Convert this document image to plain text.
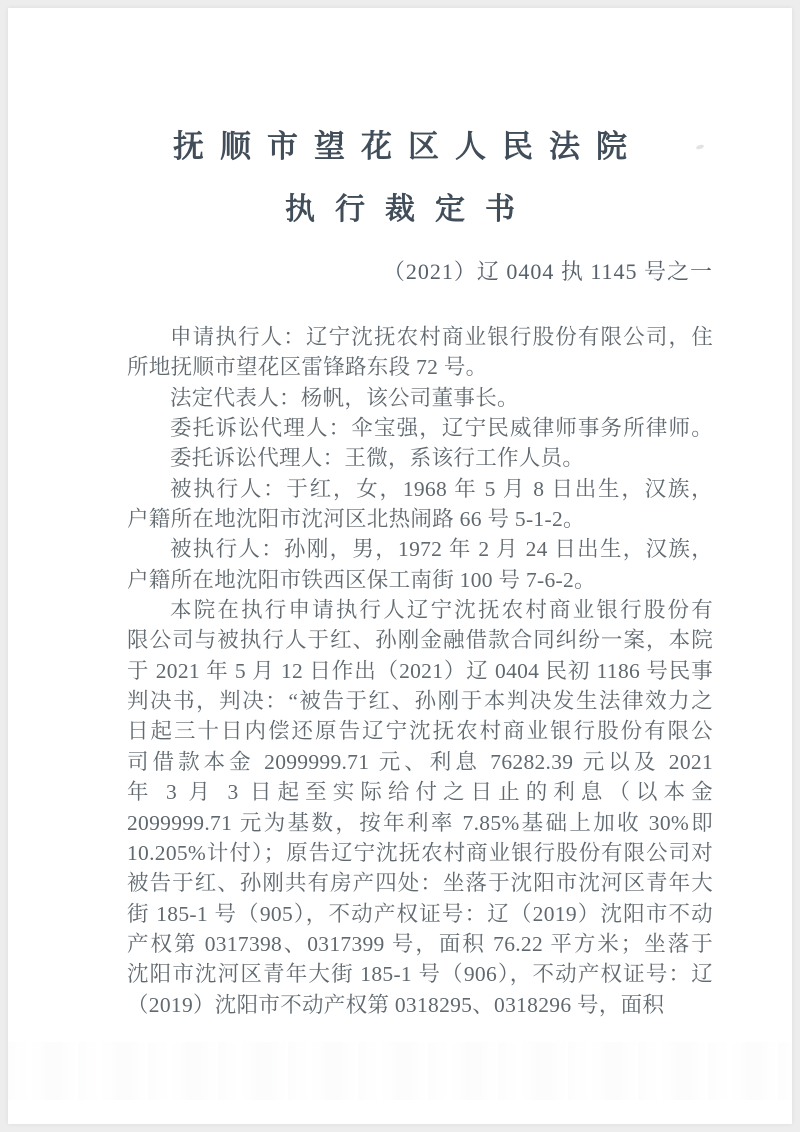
抚顺市望花区人民法院
执行裁定书
（2021）辽 0404 执 1145 号之一
申请执行人：辽宁沈抚农村商业银行股份有限公司，住
所地抚顺市望花区雷锋路东段 72 号。
法定代表人：杨帆，该公司董事长。
委托诉讼代理人：伞宝强，辽宁民威律师事务所律师。
委托诉讼代理人：王微，系该行工作人员。
被执行人：于红，女，1968 年 5 月 8 日出生，汉族，
户籍所在地沈阳市沈河区北热闹路 66 号 5-1-2。
被执行人：孙刚，男，1972 年 2 月 24 日出生，汉族，
户籍所在地沈阳市铁西区保工南街 100 号 7-6-2。
本院在执行申请执行人辽宁沈抚农村商业银行股份有
限公司与被执行人于红、孙刚金融借款合同纠纷一案，本院
于 2021 年 5 月 12 日作出（2021）辽 0404 民初 1186 号民事
判决书，判决：“被告于红、孙刚于本判决发生法律效力之
日起三十日内偿还原告辽宁沈抚农村商业银行股份有限公
司借款本金 2099999.71 元、利息 76282.39 元以及 2021
年 3 月 3 日起至实际给付之日止的利息（以本金
2099999.71 元为基数，按年利率 7.85%基础上加收 30%即
10.205%计付）；原告辽宁沈抚农村商业银行股份有限公司对
被告于红、孙刚共有房产四处：坐落于沈阳市沈河区青年大
街 185-1 号（905），不动产权证号：辽（2019）沈阳市不动
产权第 0317398、0317399 号，面积 76.22 平方米；坐落于
沈阳市沈河区青年大街 185-1 号（906），不动产权证号：辽
（2019）沈阳市不动产权第 0318295、0318296 号，面积
